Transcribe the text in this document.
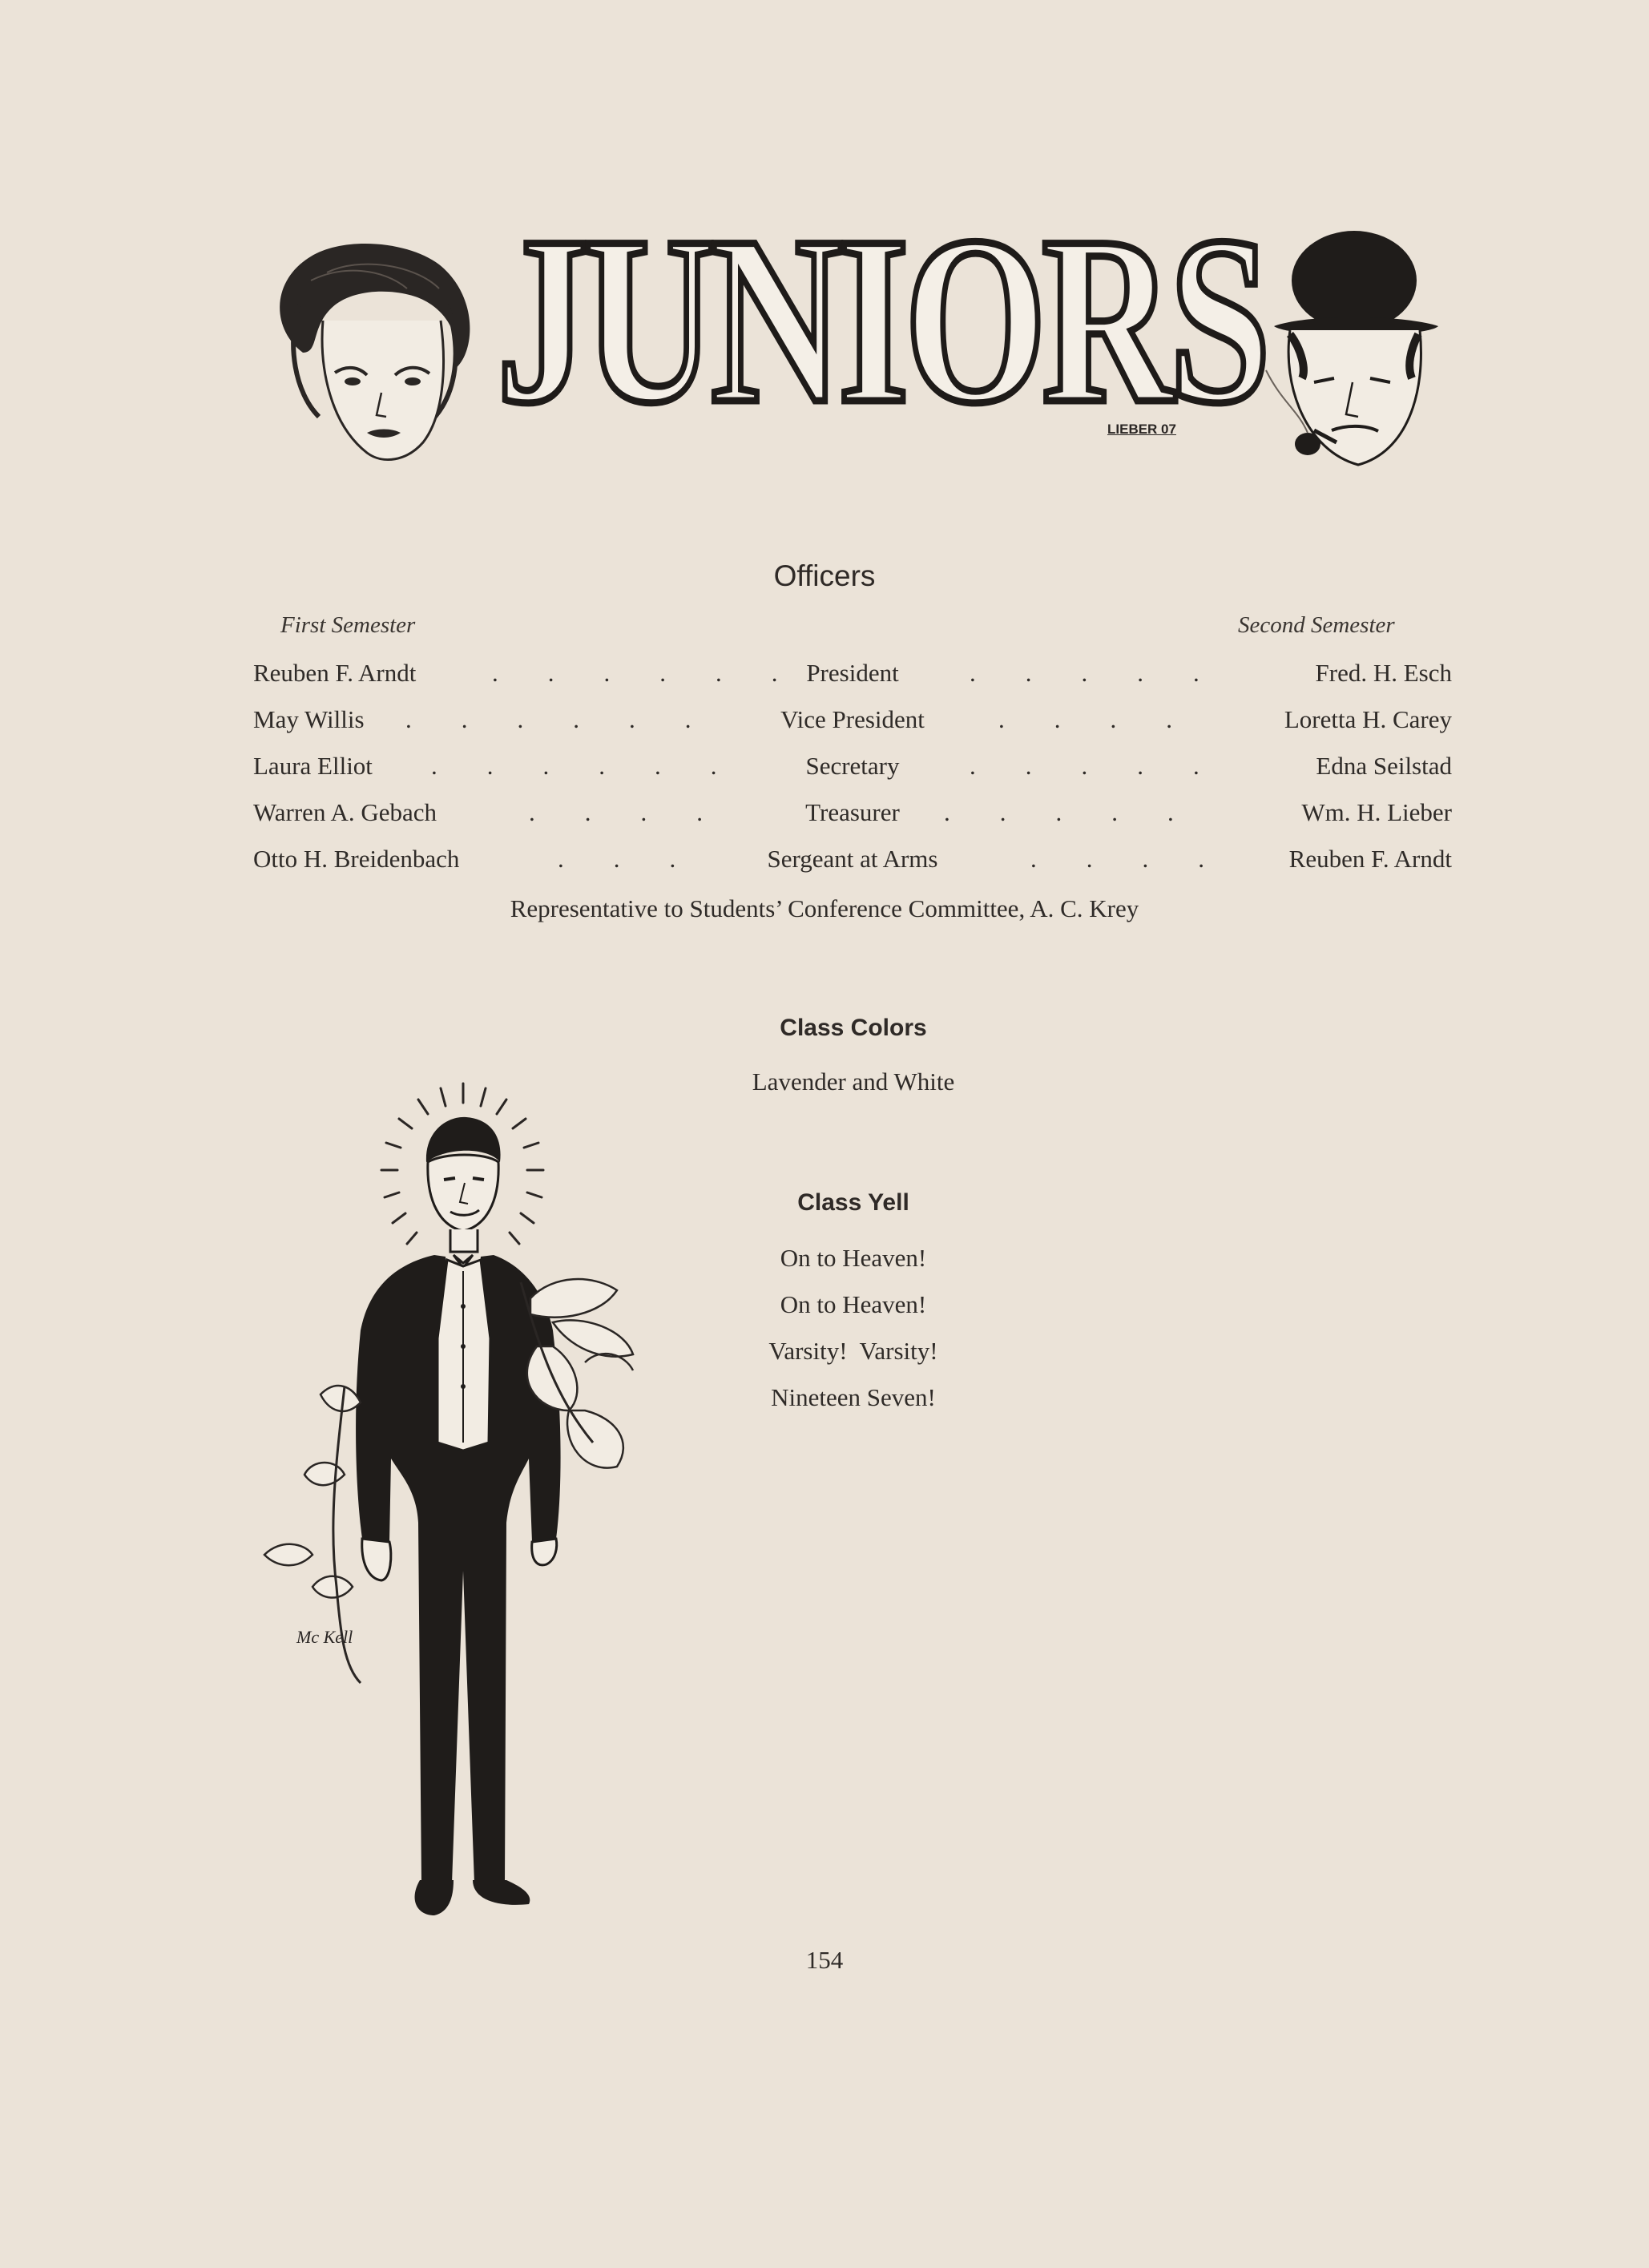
JUNIORS
LIEBER 07
Officers
First Semester	Second Semester
Reuben F. Arndt	.        .        .        .        .        .	President	.        .        .        .        .	Fred. H. Esch
May Willis .        .        .        .        .        .	Vice President	.        .        .        .	Loretta H. Carey
Laura Elliot .        .        .        .        .        .	Secretary	.        .        .        .        .	Edna Seilstad
Warren A. Gebach	.        .        .        .	Treasurer	.        .        .        .        .	Wm. H. Lieber
Otto H. Breidenbach	.        .        .	Sergeant at Arms	.        .        .        .	Reuben F. Arndt
Representative to Students’ Conference Committee, A. C. Krey
Class Colors
Lavender and White
Class Yell
On to Heaven!
On to Heaven!
Varsity!  Varsity!
Nineteen Seven!
Mc Kell
154
